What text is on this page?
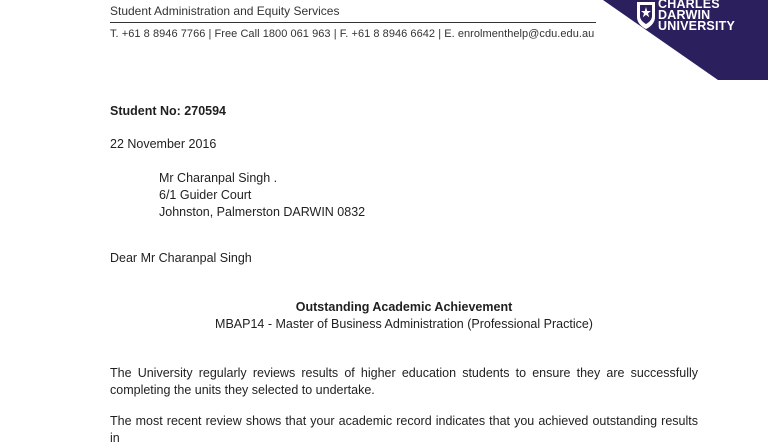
Student Administration and Equity Services
T. +61 8 8946 7766 | Free Call 1800 061 963 | F. +61 8 8946 6642 | E. enrolmenthelp@cdu.edu.au
CHARLES
DARWIN
UNIVERSITY
Student No: 270594
22 November 2016
Mr Charanpal Singh .
6/1 Guider Court
Johnston, Palmerston DARWIN 0832
Dear Mr Charanpal Singh
Outstanding Academic Achievement
MBAP14 - Master of Business Administration (Professional Practice)
The University regularly reviews results of higher education students to ensure they are successfully completing the units they selected to undertake.
The most recent review shows that your academic record indicates that you achieved outstanding results in
